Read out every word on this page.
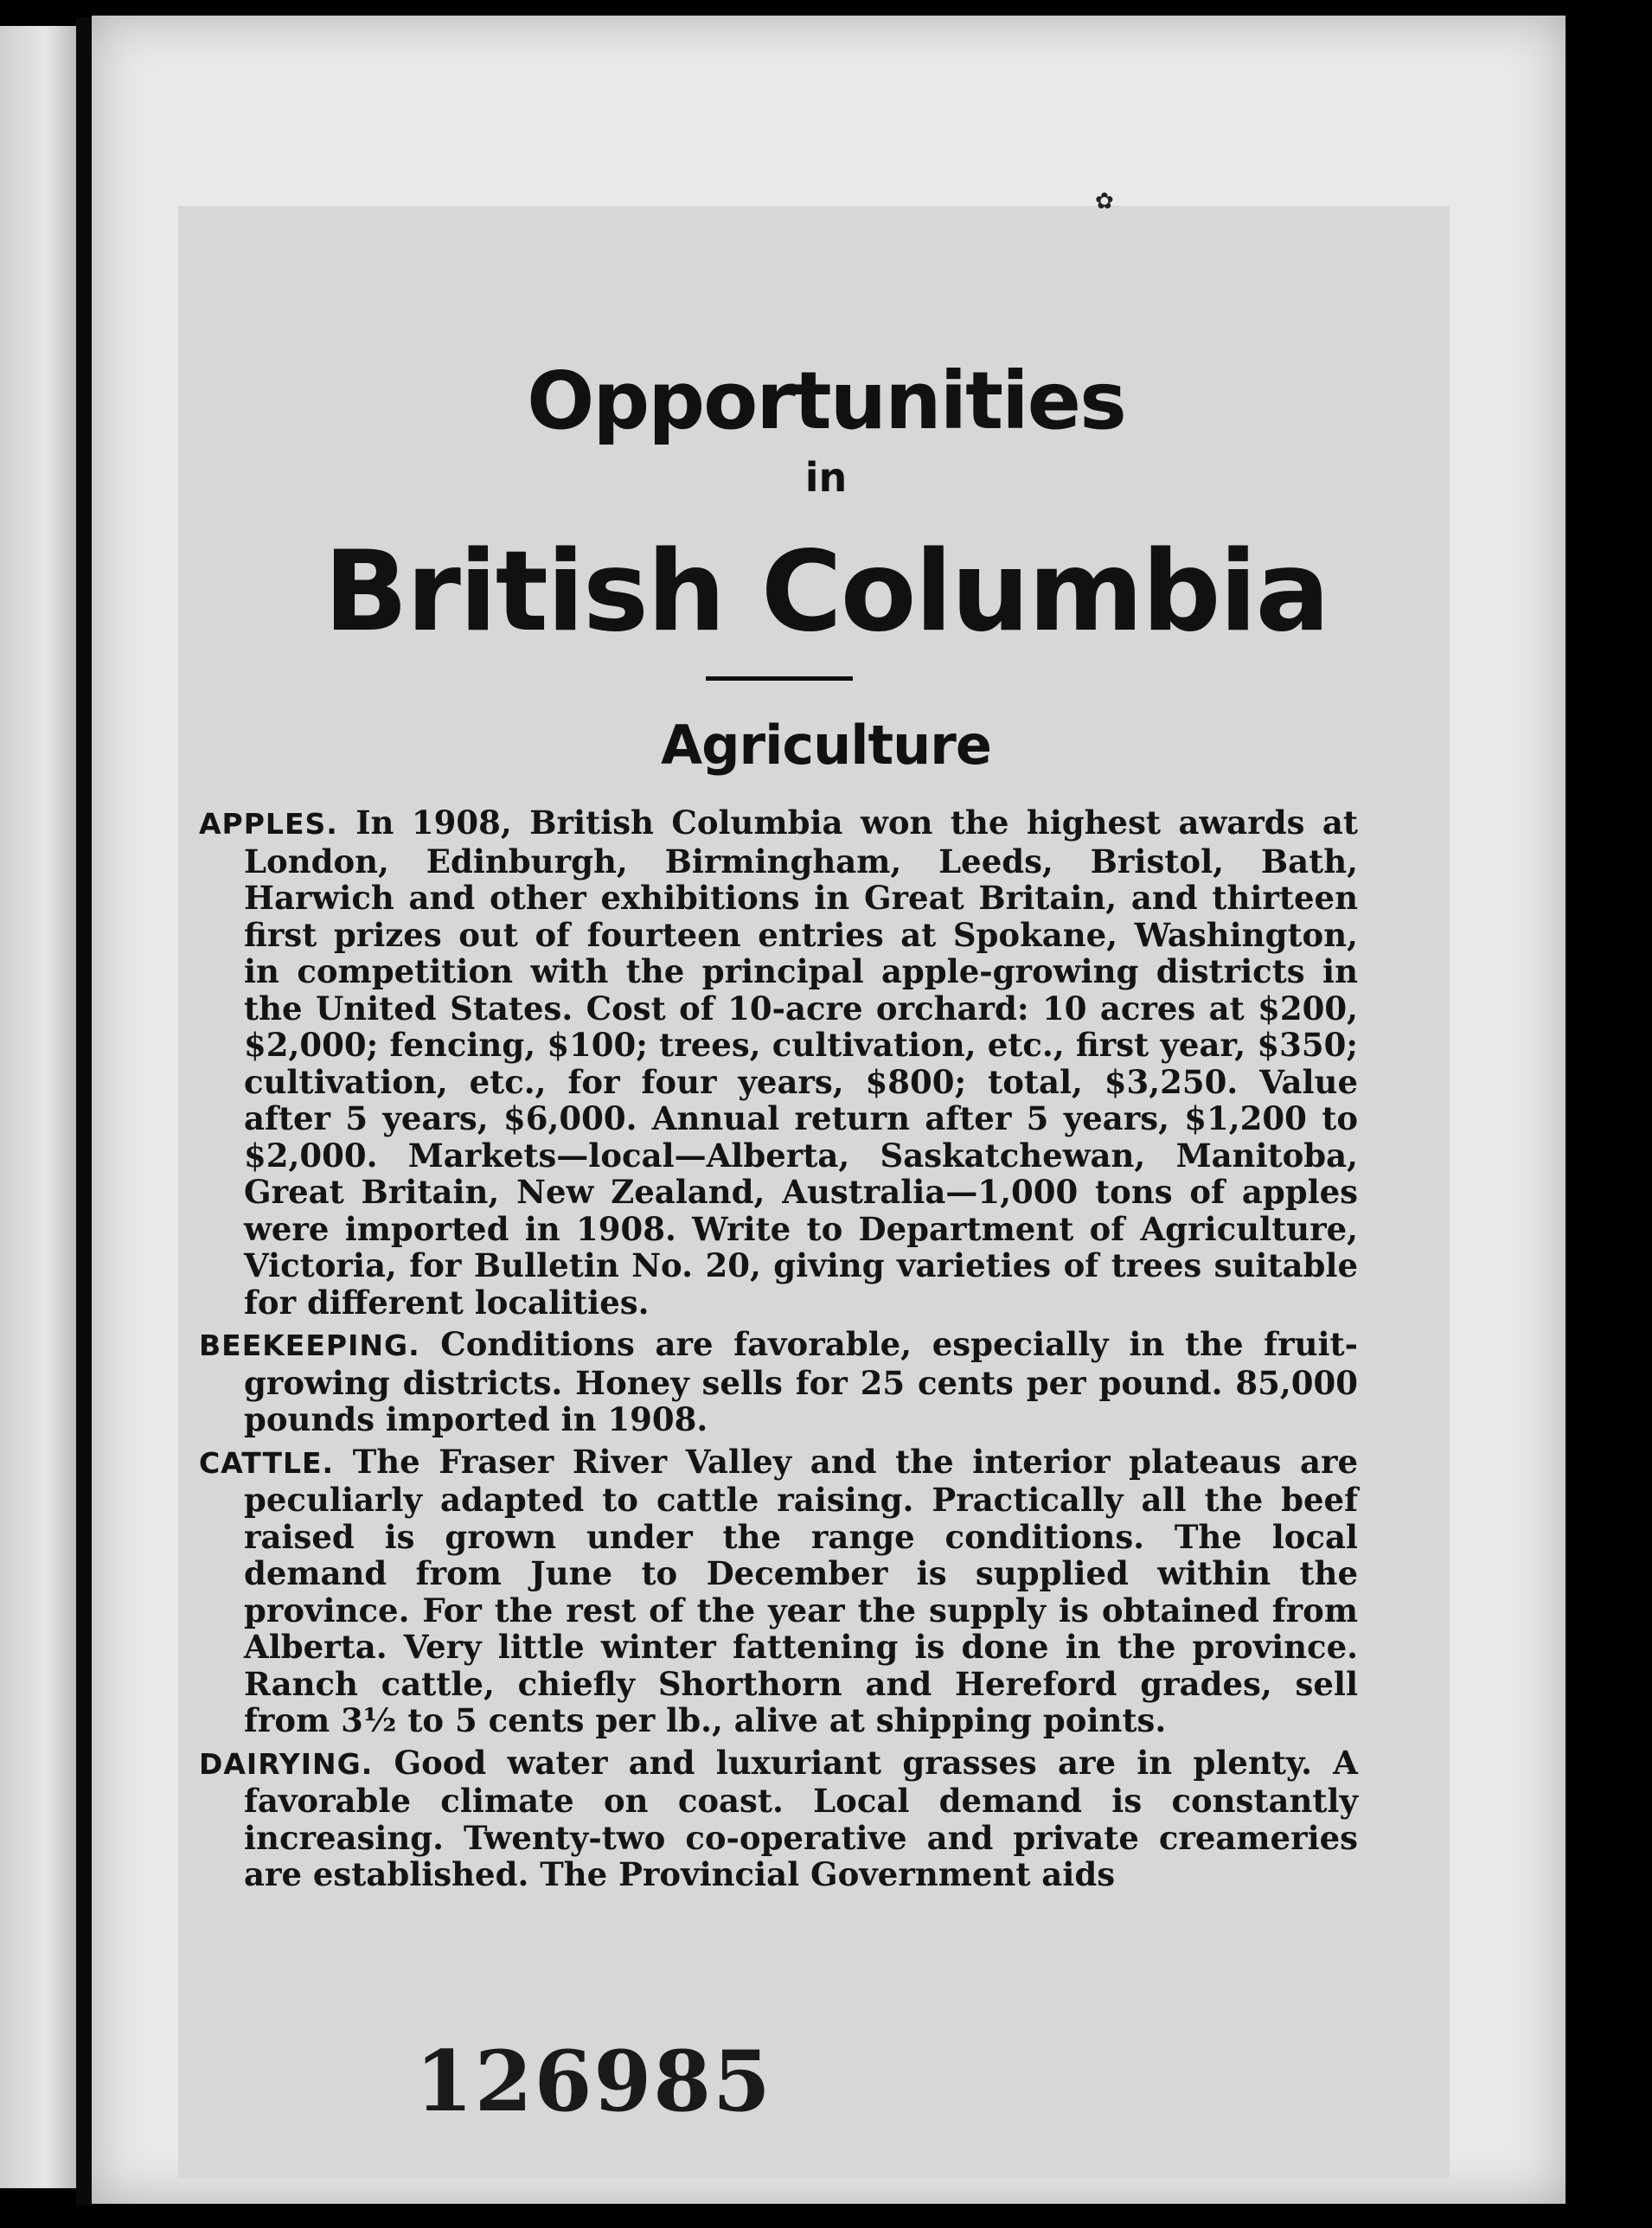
✿
Opportunities
in
British Columbia
Agriculture

APPLES. In 1908, British Columbia won the highest awards at London, Edinburgh, Birmingham, Leeds, Bristol, Bath, Harwich and other exhibitions in Great Britain, and thirteen first prizes out of fourteen entries at Spokane, Washington, in competition with the principal apple-growing districts in the United States. Cost of 10-acre orchard: 10 acres at $200, $2,000; fencing, $100; trees, cultivation, etc., first year, $350; cultivation, etc., for four years, $800; total, $3,250. Value after 5 years, $6,000. Annual return after 5 years, $1,200 to $2,000. Markets—local—Alberta, Saskatchewan, Manitoba, Great Britain, New Zealand, Australia—1,000 tons of apples were imported in 1908. Write to Department of Agriculture, Victoria, for Bulletin No. 20, giving varieties of trees suitable for different localities.

BEEKEEPING. Conditions are favorable, especially in the fruit-growing districts. Honey sells for 25 cents per pound. 85,000 pounds imported in 1908.

CATTLE. The Fraser River Valley and the interior plateaus are peculiarly adapted to cattle raising. Practically all the beef raised is grown under the range conditions. The local demand from June to December is supplied within the province. For the rest of the year the supply is obtained from Alberta. Very little winter fattening is done in the province. Ranch cattle, chiefly Shorthorn and Hereford grades, sell from 3½ to 5 cents per lb., alive at shipping points.

DAIRYING. Good water and luxuriant grasses are in plenty. A favorable climate on coast. Local demand is constantly increasing. Twenty-two co-operative and private creameries are established. The Provincial Government aids

126985
